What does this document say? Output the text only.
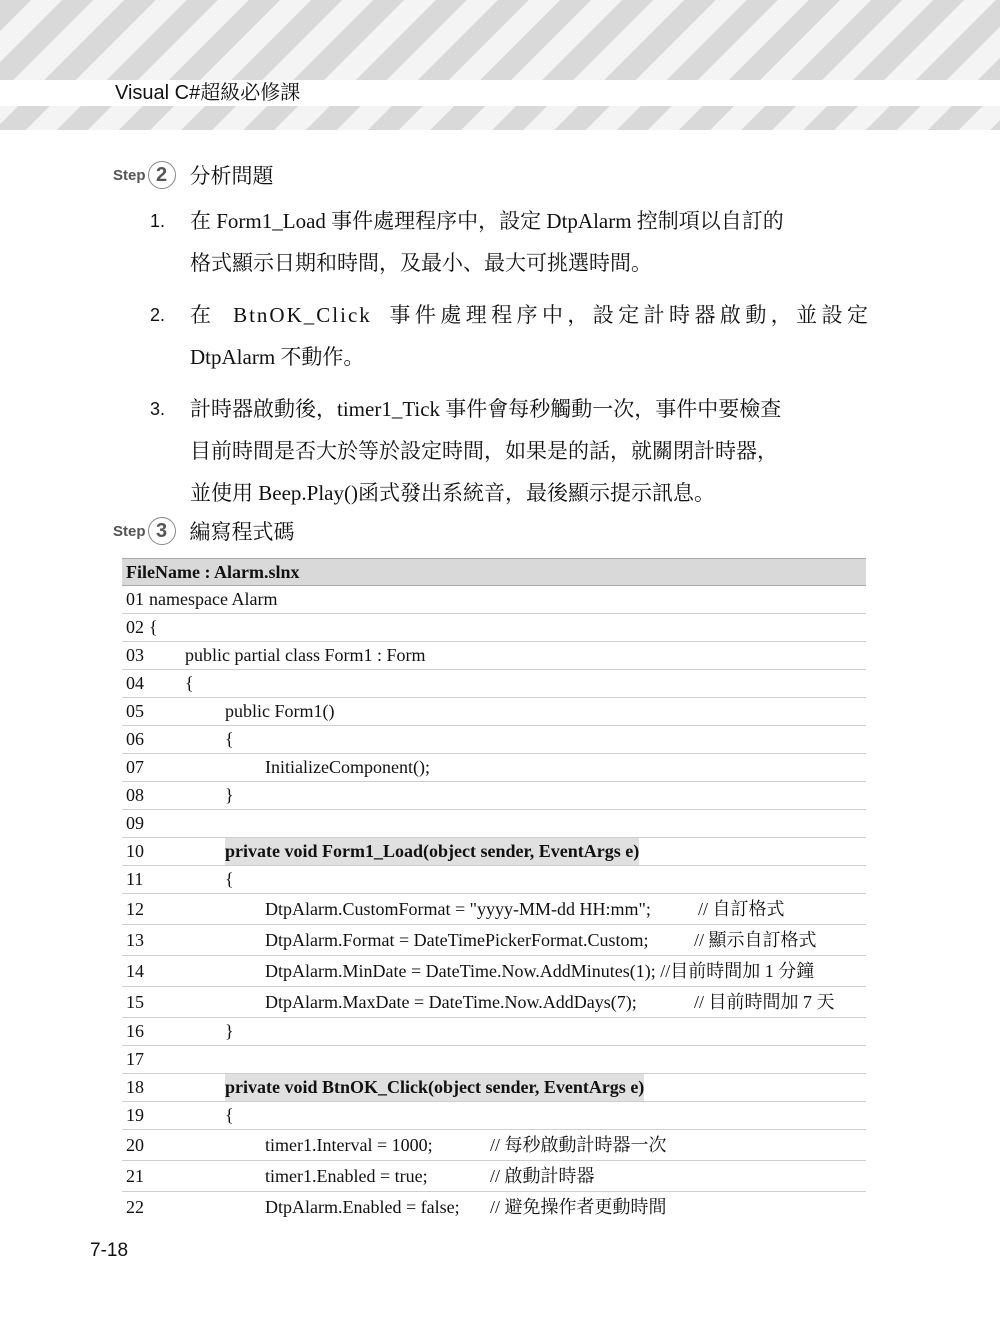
Visual C#超級必修課
Step 2	分析問題
1. 在 Form1_Load 事件處理程序中，設定 DtpAlarm 控制項以自訂的
格式顯示日期和時間，及最小、最大可挑選時間。
2. 在 BtnOK_Click 事件處理程序中，設定計時器啟動，並設定
DtpAlarm 不動作。
3. 計時器啟動後，timer1_Tick 事件會每秒觸動一次，事件中要檢查
目前時間是否大於等於設定時間，如果是的話，就關閉計時器，
並使用 Beep.Play()函式發出系統音，最後顯示提示訊息。
Step 3	編寫程式碼
FileName : Alarm.slnx
01 namespace Alarm
02 {
03 public partial class Form1 : Form
04 {
05	public Form1()
06	{
07	InitializeComponent();
08	}
09
10	private void Form1_Load(object sender, EventArgs e)
11	{
12	DtpAlarm.CustomFormat = "yyyy-MM-dd HH:mm";	// 自訂格式
13	DtpAlarm.Format = DateTimePickerFormat.Custom;	// 顯示自訂格式
14	DtpAlarm.MinDate = DateTime.Now.AddMinutes(1); //目前時間加 1 分鐘
15	DtpAlarm.MaxDate = DateTime.Now.AddDays(7);	// 目前時間加 7 天
16	}
17
18	private void BtnOK_Click(object sender, EventArgs e)
19	{
20	timer1.Interval = 1000;	// 每秒啟動計時器一次
21	timer1.Enabled = true;	// 啟動計時器
22	DtpAlarm.Enabled = false; // 避免操作者更動時間
7-18
